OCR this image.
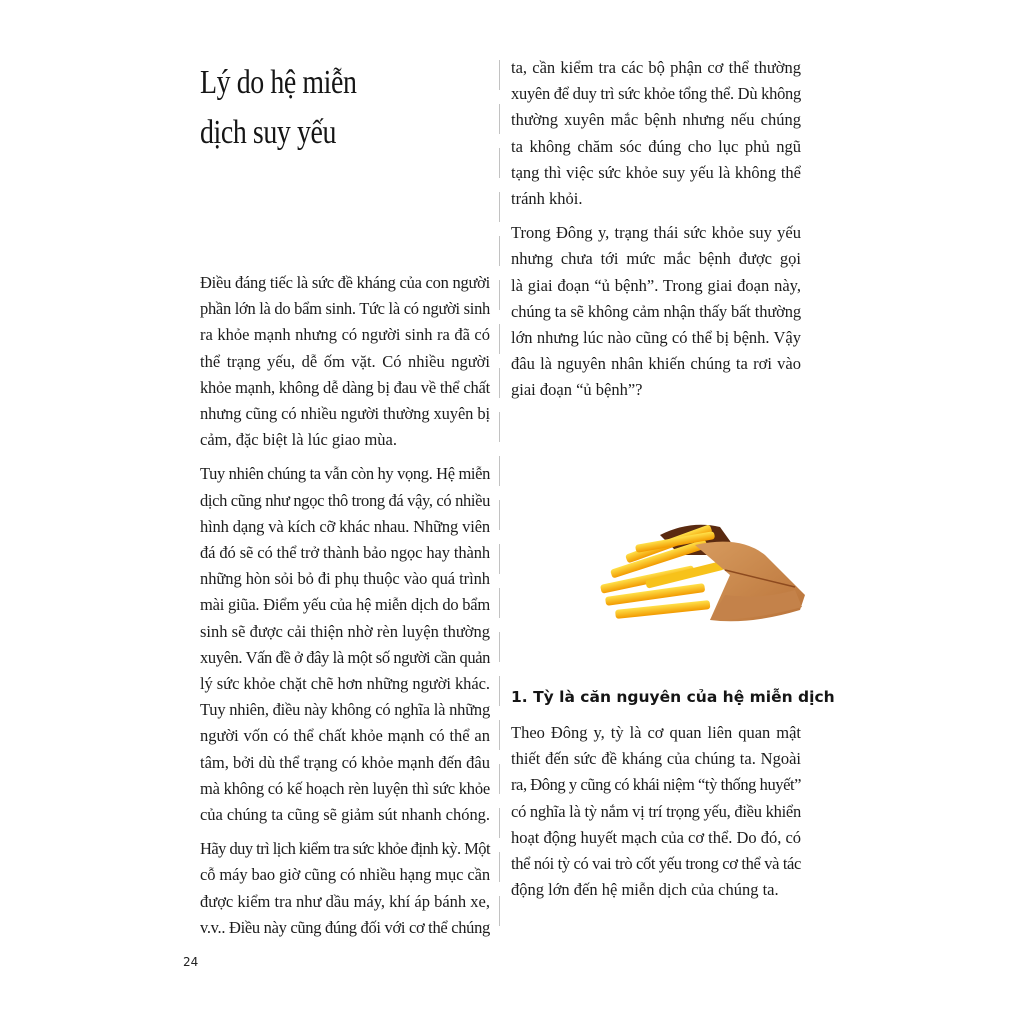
Lý do hệ miễn
dịch suy yếu

Điều đáng tiếc là sức đề kháng của con người
phần lớn là do bẩm sinh. Tức là có người sinh
ra khỏe mạnh nhưng có người sinh ra đã có
thể trạng yếu, dễ ốm vặt. Có nhiều người
khỏe mạnh, không dễ dàng bị đau về thể chất
nhưng cũng có nhiều người thường xuyên bị
cảm, đặc biệt là lúc giao mùa.

Tuy nhiên chúng ta vẫn còn hy vọng. Hệ miễn
dịch cũng như ngọc thô trong đá vậy, có nhiều
hình dạng và kích cỡ khác nhau. Những viên
đá đó sẽ có thể trở thành bảo ngọc hay thành
những hòn sỏi bỏ đi phụ thuộc vào quá trình
mài giũa. Điểm yếu của hệ miễn dịch do bẩm
sinh sẽ được cải thiện nhờ rèn luyện thường
xuyên. Vấn đề ở đây là một số người cần quản
lý sức khỏe chặt chẽ hơn những người khác.
Tuy nhiên, điều này không có nghĩa là những
người vốn có thể chất khỏe mạnh có thể an
tâm, bởi dù thể trạng có khỏe mạnh đến đâu
mà không có kế hoạch rèn luyện thì sức khỏe
của chúng ta cũng sẽ giảm sút nhanh chóng.

Hãy duy trì lịch kiểm tra sức khỏe định kỳ. Một
cỗ máy bao giờ cũng có nhiều hạng mục cần
được kiểm tra như dầu máy, khí áp bánh xe,
v.v.. Điều này cũng đúng đối với cơ thể chúng

ta, cần kiểm tra các bộ phận cơ thể thường
xuyên để duy trì sức khỏe tổng thể. Dù không
thường xuyên mắc bệnh nhưng nếu chúng
ta không chăm sóc đúng cho lục phủ ngũ
tạng thì việc sức khỏe suy yếu là không thể
tránh khỏi.

Trong Đông y, trạng thái sức khỏe suy yếu
nhưng chưa tới mức mắc bệnh được gọi
là giai đoạn “ủ bệnh”. Trong giai đoạn này,
chúng ta sẽ không cảm nhận thấy bất thường
lớn nhưng lúc nào cũng có thể bị bệnh. Vậy
đâu là nguyên nhân khiến chúng ta rơi vào
giai đoạn “ủ bệnh”?

1. Tỳ là căn nguyên của hệ miễn dịch

Theo Đông y, tỳ là cơ quan liên quan mật
thiết đến sức đề kháng của chúng ta. Ngoài
ra, Đông y cũng có khái niệm “tỳ thống huyết”
có nghĩa là tỳ nắm vị trí trọng yếu, điều khiển
hoạt động huyết mạch của cơ thể. Do đó, có
thể nói tỳ có vai trò cốt yếu trong cơ thể và tác
động lớn đến hệ miễn dịch của chúng ta.

24
